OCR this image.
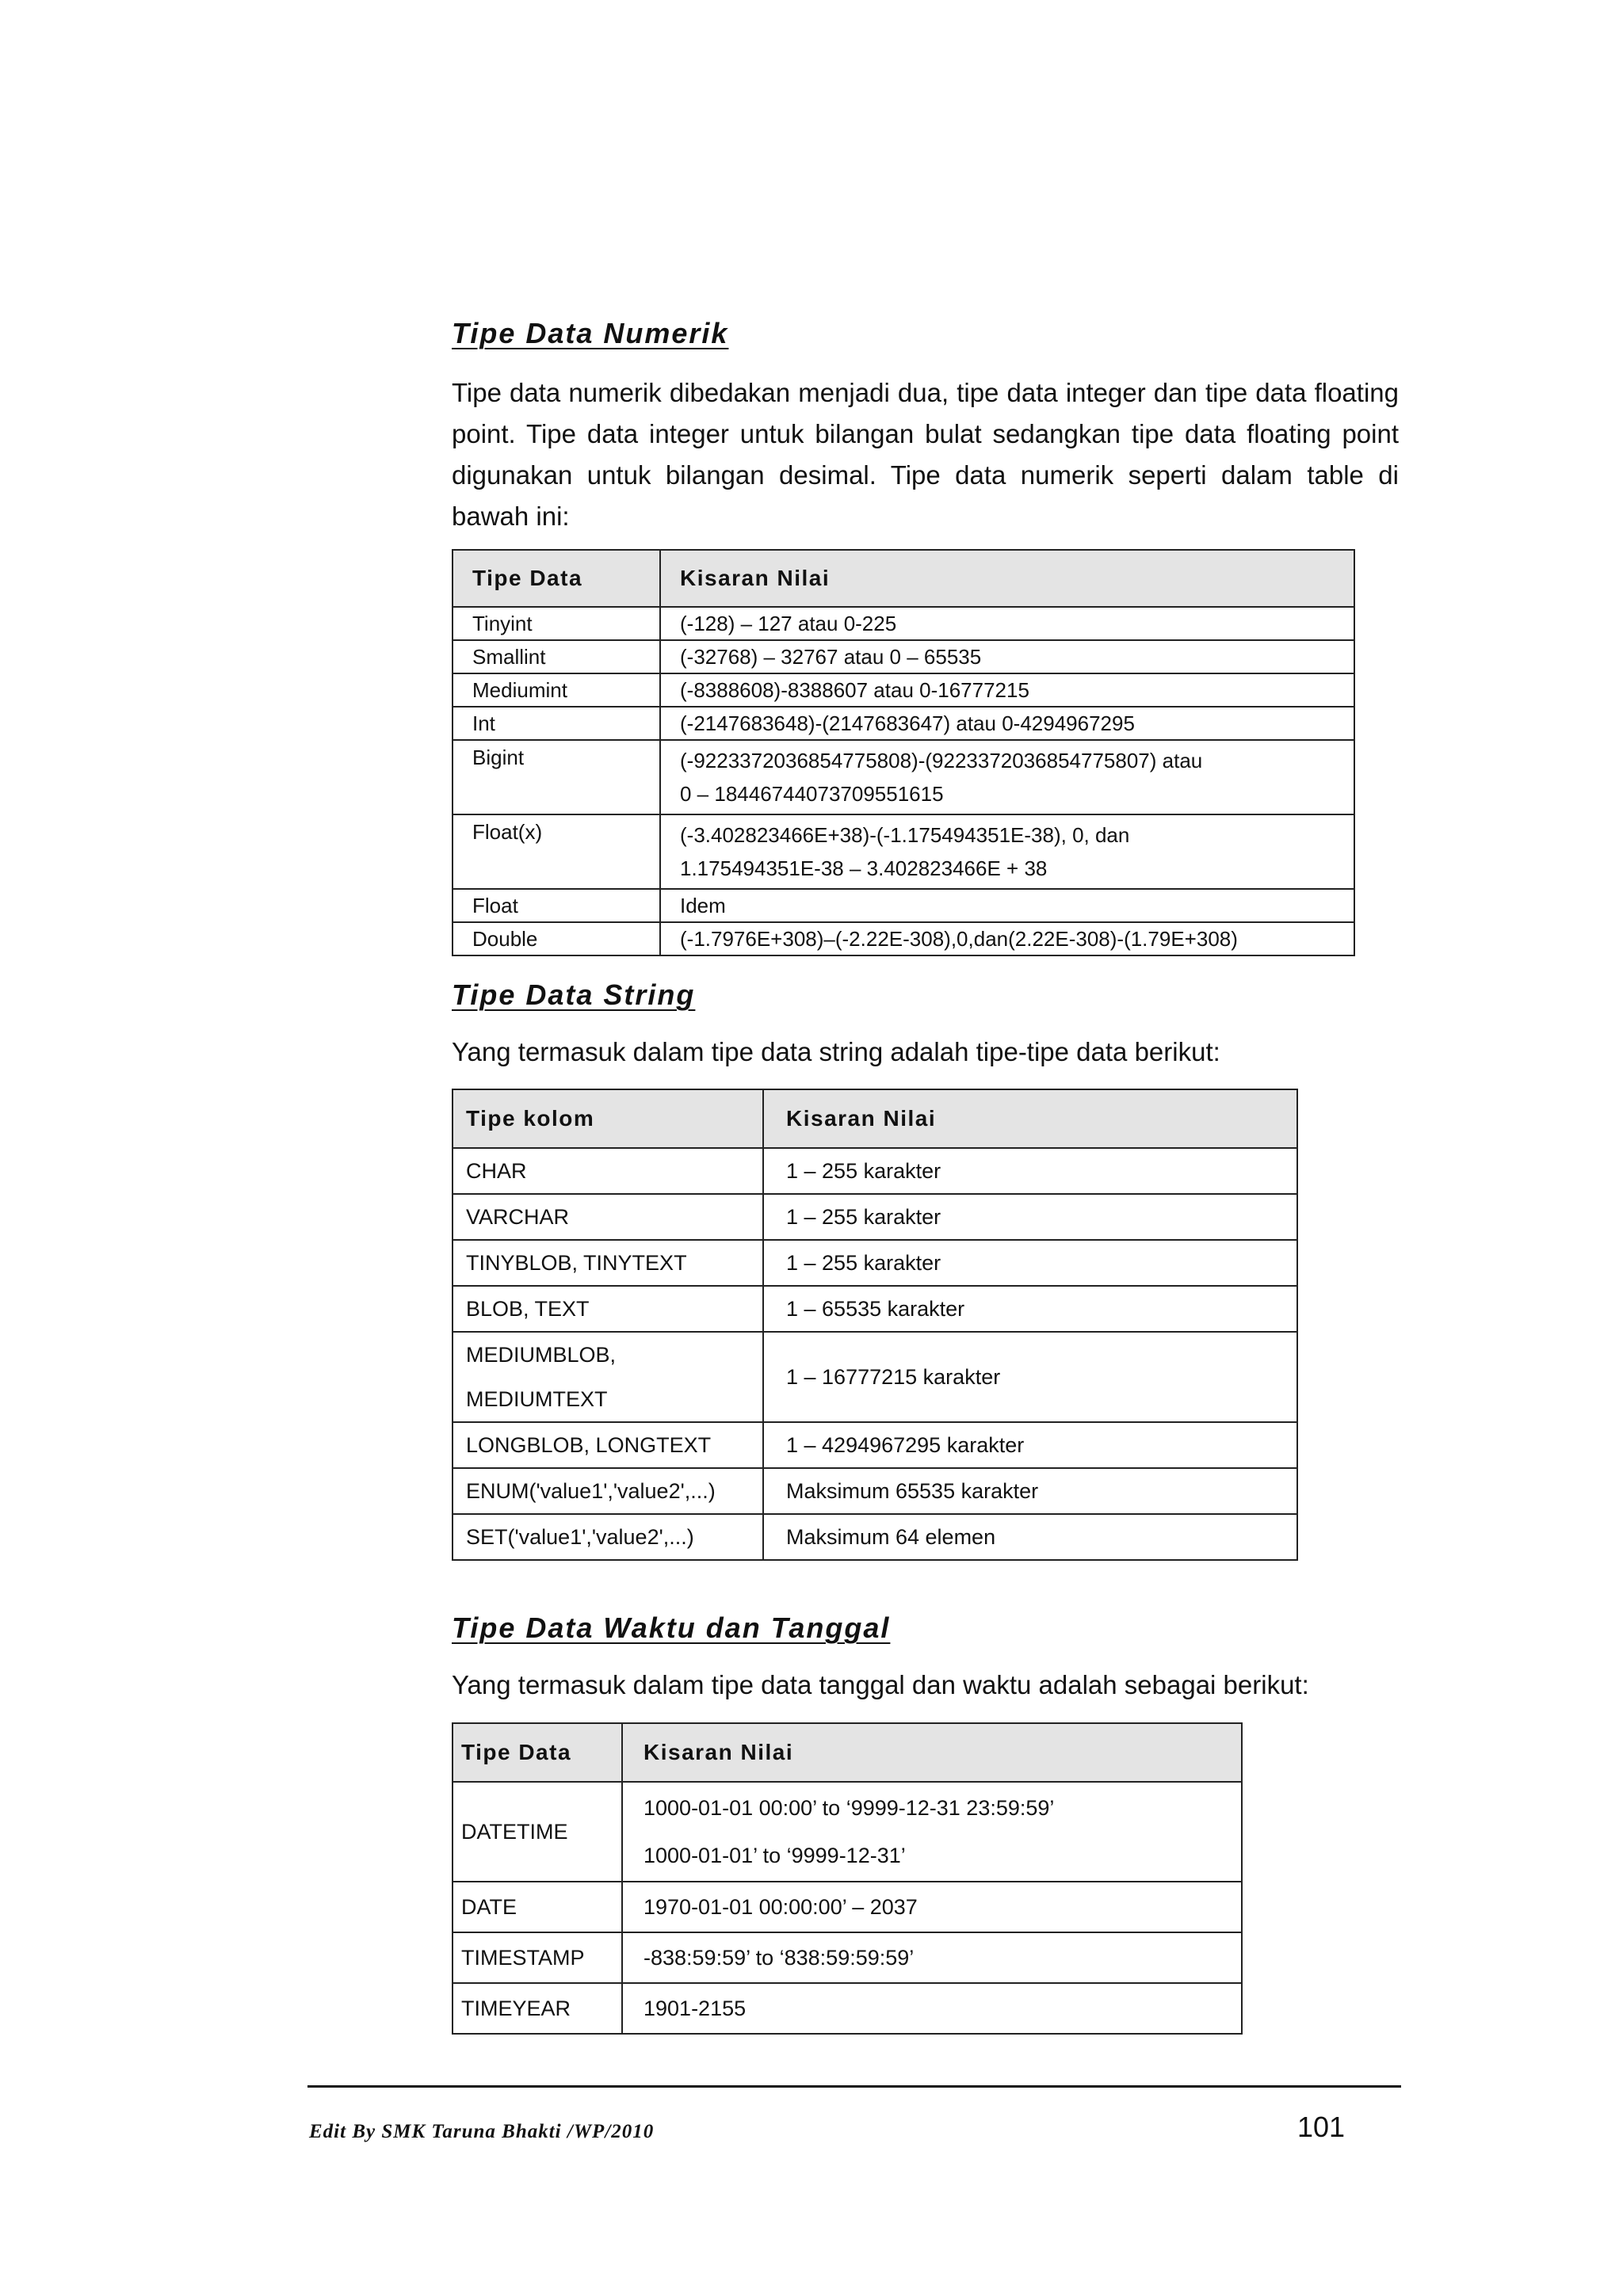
Tipe Data Numerik

Tipe data numerik dibedakan menjadi dua, tipe data integer dan tipe data floating point. Tipe data integer untuk bilangan bulat sedangkan tipe data floating point digunakan untuk bilangan desimal. Tipe data numerik seperti dalam table di bawah ini:

Tipe Data	Kisaran Nilai
Tinyint	(-128) – 127 atau 0-225
Smallint	(-32768) – 32767 atau 0 – 65535
Mediumint	(-8388608)-8388607 atau 0-16777215
Int	(-2147683648)-(2147683647) atau 0-4294967295
Bigint	(-9223372036854775808)-(9223372036854775807) atau
0 – 18446744073709551615

Float(x)	(-3.402823466E+38)-(-1.175494351E-38), 0, dan
1.175494351E-38 – 3.402823466E + 38

Float	Idem
Double	(-1.7976E+308)–(-2.22E-308),0,dan(2.22E-308)-(1.79E+308)
Tipe Data String

Yang termasuk dalam tipe data string adalah tipe-tipe data berikut:

Tipe kolom	Kisaran Nilai
CHAR	1 – 255 karakter
VARCHAR	1 – 255 karakter
TINYBLOB, TINYTEXT	1 – 255 karakter
BLOB, TEXT	1 – 65535 karakter

MEDIUMBLOB,
MEDIUMTEXT	1 – 16777215 karakter
LONGBLOB, LONGTEXT	1 – 4294967295 karakter
ENUM('value1','value2',...)	Maksimum 65535 karakter
SET('value1','value2',...)	Maksimum 64 elemen
Tipe Data Waktu dan Tanggal

Yang termasuk dalam tipe data tanggal dan waktu adalah sebagai berikut:

Tipe Data	Kisaran Nilai
DATETIME	1000-01-01 00:00’ to ‘9999-12-31 23:59:59’
1000-01-01’ to ‘9999-12-31’

DATE	1970-01-01 00:00:00’ – 2037
TIMESTAMP	-838:59:59’ to ‘838:59:59:59’
TIMEYEAR	1901-2155
Edit By SMK Taruna Bhakti /WP/2010	101
